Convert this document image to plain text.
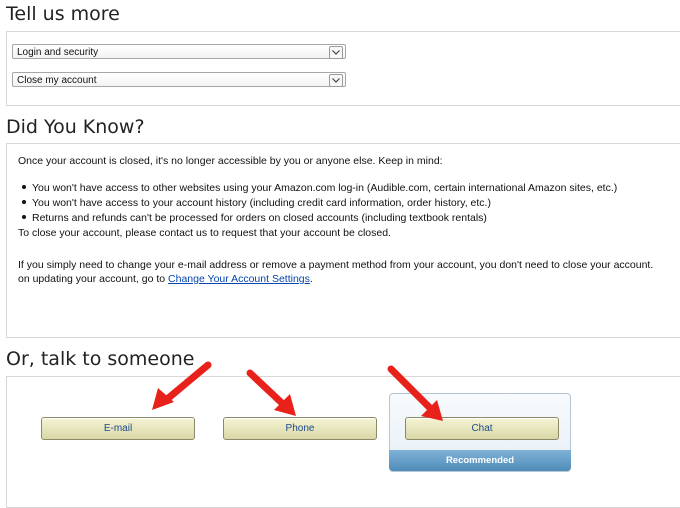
Tell us more
Login and security
Close my account
Did You Know?
Once your account is closed, it's no longer accessible by you or anyone else. Keep in mind:
You won't have access to other websites using your Amazon.com log-in (Audible.com, certain international Amazon sites, etc.)
You won't have access to your account history (including credit card information, order history, etc.)
Returns and refunds can't be processed for orders on closed accounts (including textbook rentals)
To close your account, please contact us to request that your account be closed.
If you simply need to change your e-mail address or remove a payment method from your account, you don't need to close your account.
on updating your account, go to Change Your Account Settings.
Or, talk to someone
Recommended
E-mail	Phone	Chat
